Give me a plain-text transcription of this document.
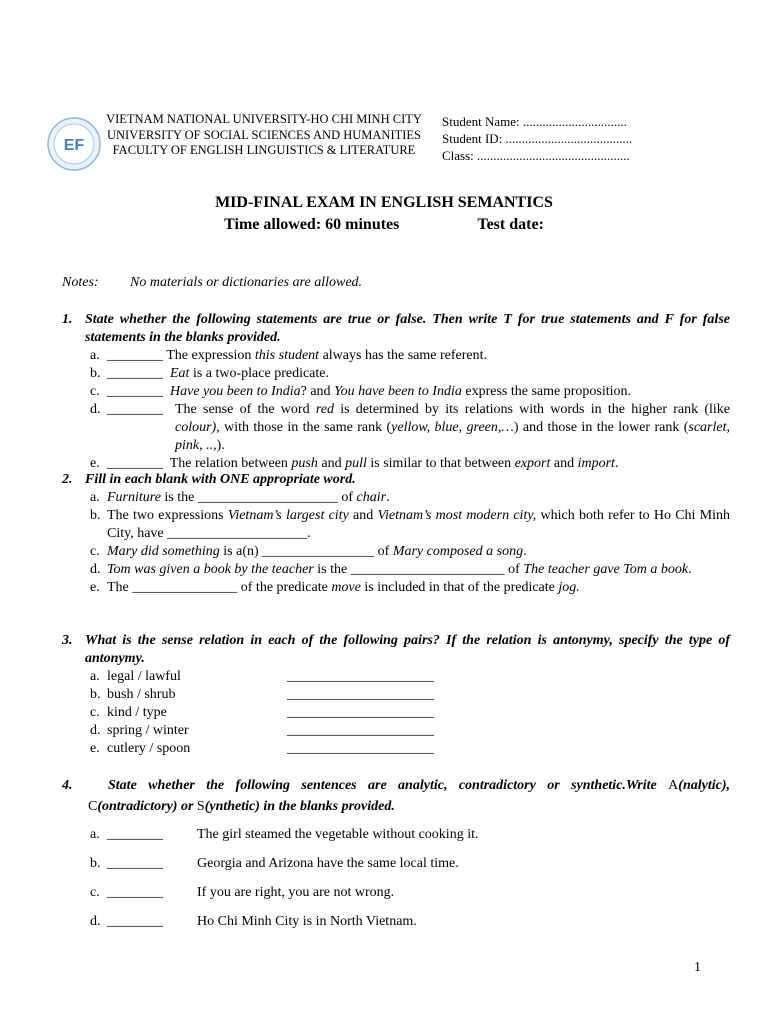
EF
VIETNAM NATIONAL UNIVERSITY-HO CHI MINH CITY
UNIVERSITY OF SOCIAL SCIENCES AND HUMANITIES
FACULTY OF ENGLISH LINGUISTICS & LITERATURE
Student Name: ................................
Student ID: .......................................
Class: ...............................................
MID-FINAL EXAM IN ENGLISH SEMANTICS
Time allowed: 60 minutes	Test date:
Notes: No materials or dictionaries are allowed.
1. State whether the following statements are true or false. Then write T for true statements and F for false statements in the blanks provided.
a. ________ The expression this student always has the same referent.
b. ________ Eat is a two-place predicate.
c. ________ Have you been to India? and You have been to India express the same proposition.
d. ________ The sense of the word red is determined by its relations with words in the higher rank (like colour), with those in the same rank (yellow, blue, green,…) and those in the lower rank (scarlet, pink, ..,).
e. ________ The relation between push and pull is similar to that between export and import.
2. Fill in each blank with ONE appropriate word.
a. Furniture is the ____________________ of chair.
b. The two expressions Vietnam’s largest city and Vietnam’s most modern city, which both refer to Ho Chi Minh City, have ____________________.
c. Mary did something is a(n) ________________ of Mary composed a song.
d. Tom was given a book by the teacher is the ______________________ of The teacher gave Tom a book.
e. The _______________ of the predicate move is included in that of the predicate jog.
3. What is the sense relation in each of the following pairs? If the relation is antonymy, specify the type of antonymy.
a. legal / lawful	_____________________
b. bush / shrub	_____________________
c. kind / type	_____________________
d. spring / winter	_____________________
e. cutlery / spoon	_____________________
4.	State whether the following sentences are analytic, contradictory or synthetic.Write A(nalytic), C(ontradictory) or S(ynthetic) in the blanks provided.
a. ________ The girl steamed the vegetable without cooking it.
b. ________ Georgia and Arizona have the same local time.
c. ________ If you are right, you are not wrong.
d. ________ Ho Chi Minh City is in North Vietnam.
1
